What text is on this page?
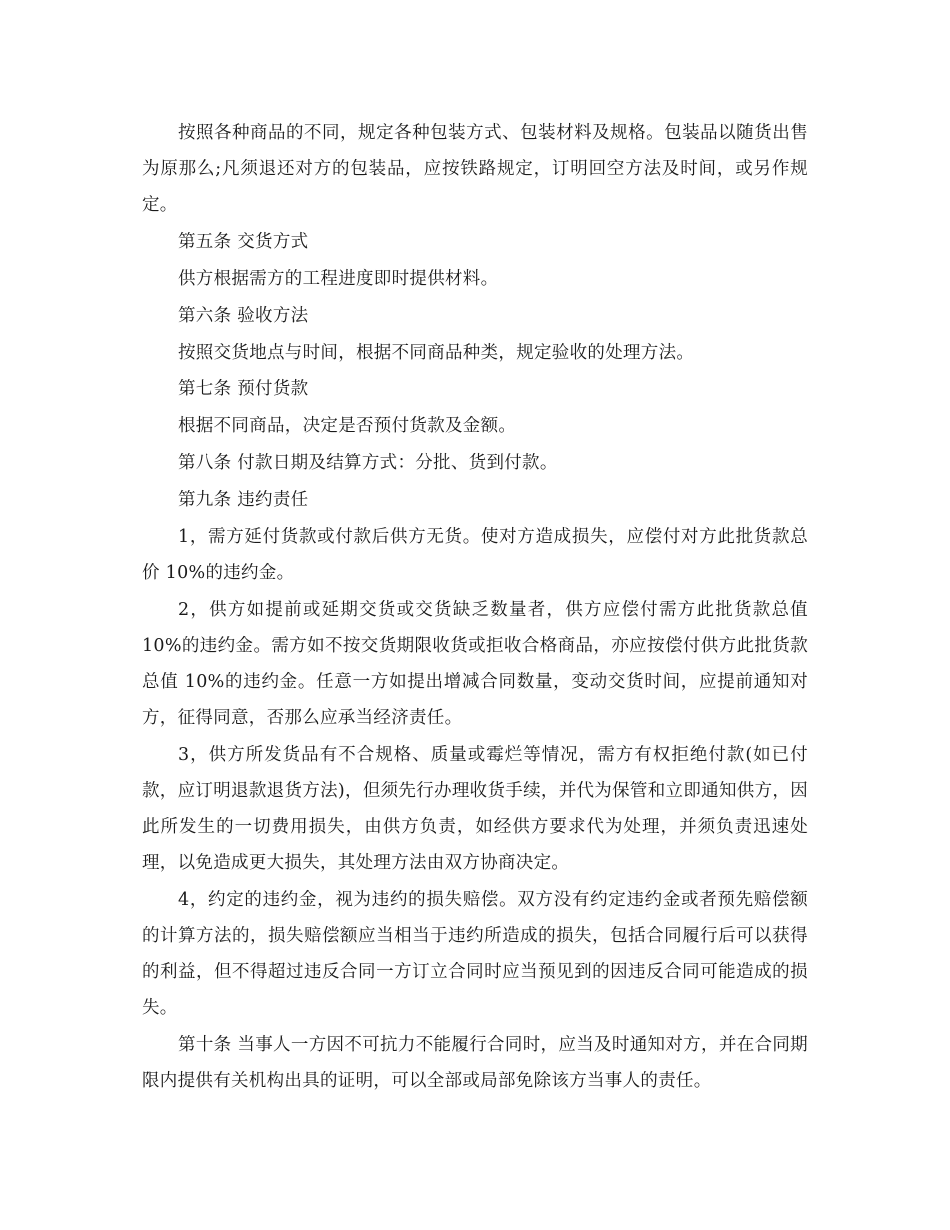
按照各种商品的不同，规定各种包装方式、包装材料及规格。包装品以随货出售为原那么;凡须退还对方的包装品，应按铁路规定，订明回空方法及时间，或另作规定。

第五条 交货方式

供方根据需方的工程进度即时提供材料。

第六条 验收方法

按照交货地点与时间，根据不同商品种类，规定验收的处理方法。

第七条 预付货款

根据不同商品，决定是否预付货款及金额。

第八条 付款日期及结算方式：分批、货到付款。

第九条 违约责任

1，需方延付货款或付款后供方无货。使对方造成损失，应偿付对方此批货款总价 10%的违约金。

2，供方如提前或延期交货或交货缺乏数量者，供方应偿付需方此批货款总值 10%的违约金。需方如不按交货期限收货或拒收合格商品，亦应按偿付供方此批货款总值 10%的违约金。任意一方如提出增减合同数量，变动交货时间，应提前通知对方，征得同意，否那么应承当经济责任。

3，供方所发货品有不合规格、质量或霉烂等情况，需方有权拒绝付款(如已付款，应订明退款退货方法)，但须先行办理收货手续，并代为保管和立即通知供方，因此所发生的一切费用损失，由供方负责，如经供方要求代为处理，并须负责迅速处理，以免造成更大损失，其处理方法由双方协商决定。

4，约定的违约金，视为违约的损失赔偿。双方没有约定违约金或者预先赔偿额的计算方法的，损失赔偿额应当相当于违约所造成的损失，包括合同履行后可以获得的利益，但不得超过违反合同一方订立合同时应当预见到的因违反合同可能造成的损失。

第十条 当事人一方因不可抗力不能履行合同时，应当及时通知对方，并在合同期限内提供有关机构出具的证明，可以全部或局部免除该方当事人的责任。
